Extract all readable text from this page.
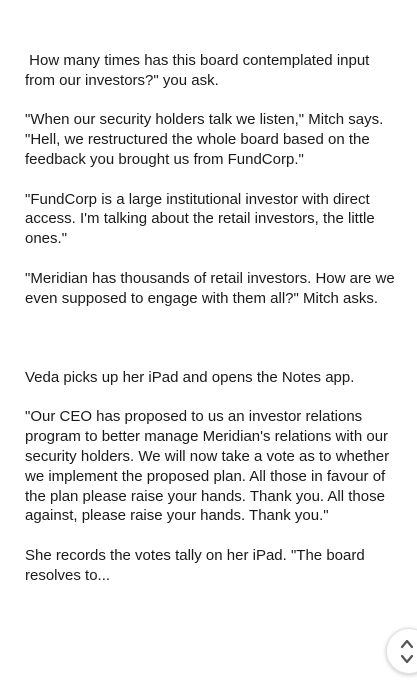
How many times has this board contemplated input from our investors?" you ask.

"When our security holders talk we listen," Mitch says. "Hell, we restructured the whole board based on the feedback you brought us from FundCorp."

"FundCorp is a large institutional investor with direct access. I'm talking about the retail investors, the little ones."

"Meridian has thousands of retail investors. How are we even supposed to engage with them all?" Mitch asks.

Veda picks up her iPad and opens the Notes app.

"Our CEO has proposed to us an investor relations program to better manage Meridian's relations with our security holders. We will now take a vote as to whether we implement the proposed plan. All those in favour of the plan please raise your hands. Thank you. All those against, please raise your hands. Thank you."

She records the votes tally on her iPad. "The board resolves to...
